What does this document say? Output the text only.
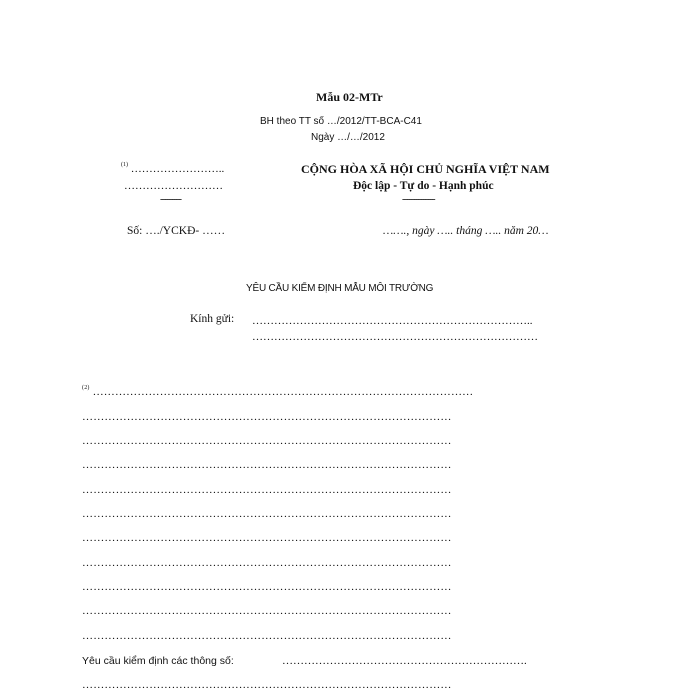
Mẫu 02-MTr
BH theo TT số …/2012/TT-BCA-C41
Ngày …/…/2012
$^{(1)}$ ……………………..
………………………
---------
CỘNG HÒA XÃ HỘI CHỦ NGHĨA VIỆT NAM
Độc lập - Tự do - Hạnh phúc
--------------
Số: …./YCKĐ- ……	……., ngày ….. tháng ….. năm 20…
YÊU CẦU KIỂM ĐỊNH MẪU MÔI TRƯỜNG
Kính gửi: …………………………………………………………………..
……………………………………………………………………
$^{(2)}$ …………………………………………………………………………………………
………………………………………………………………………………………
………………………………………………………………………………………
………………………………………………………………………………………
………………………………………………………………………………………
………………………………………………………………………………………
………………………………………………………………………………………
………………………………………………………………………………………
………………………………………………………………………………………
………………………………………………………………………………………
………………………………………………………………………………………
Yêu cầu kiểm định các thông số:	………………………………………………………….
………………………………………………………………………………………
